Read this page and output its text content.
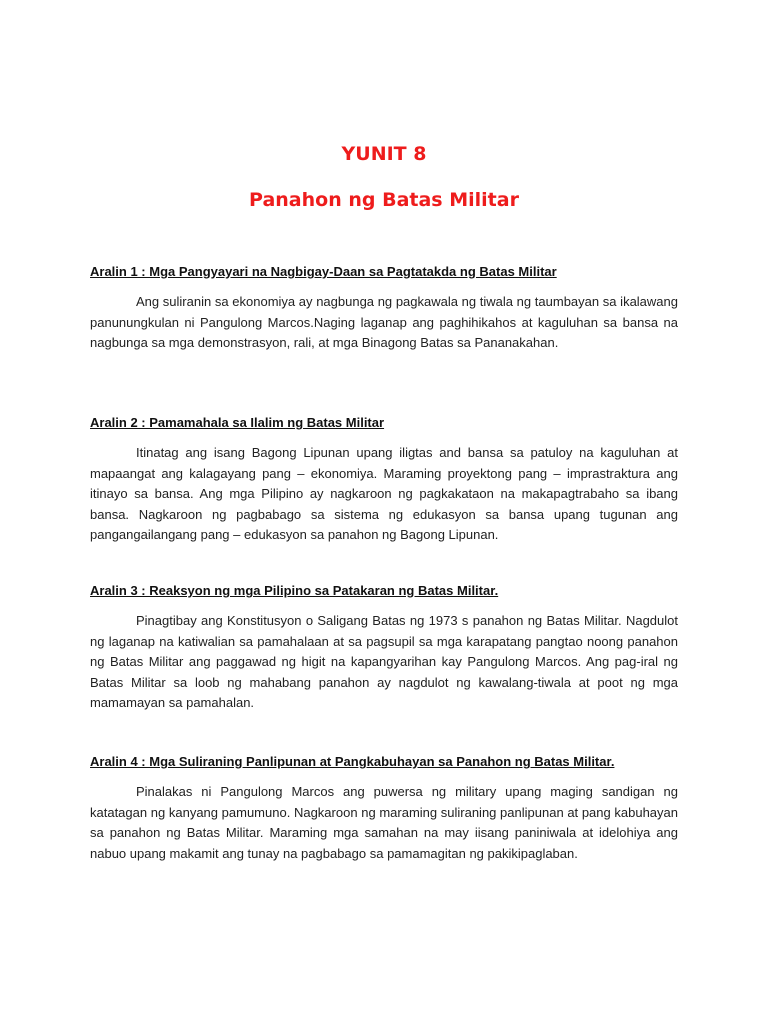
YUNIT 8
Panahon ng Batas Militar

Aralin 1 : Mga Pangyayari na Nagbigay-Daan sa Pagtatakda ng Batas Militar

Ang suliranin sa ekonomiya ay nagbunga ng pagkawala ng tiwala ng taumbayan sa ikalawang panunungkulan ni Pangulong Marcos.Naging laganap ang paghihikahos at kaguluhan sa bansa na nagbunga sa mga demonstrasyon, rali, at mga Binagong Batas sa Pananakahan.

Aralin 2 : Pamamahala sa Ilalim ng Batas Militar

Itinatag ang isang Bagong Lipunan upang iligtas and bansa sa patuloy na kaguluhan at mapaangat ang kalagayang pang – ekonomiya. Maraming proyektong pang – imprastraktura ang itinayo sa bansa. Ang mga Pilipino ay nagkaroon ng pagkakataon na makapagtrabaho sa ibang bansa. Nagkaroon ng pagbabago sa sistema ng edukasyon sa bansa upang tugunan ang pangangailangang pang – edukasyon sa panahon ng Bagong Lipunan.

Aralin 3 : Reaksyon ng mga Pilipino sa Patakaran ng Batas Militar.

Pinagtibay ang Konstitusyon o Saligang Batas ng 1973 s panahon ng Batas Militar. Nagdulot ng laganap na katiwalian sa pamahalaan at sa pagsupil sa mga karapatang pangtao noong panahon ng Batas Militar ang paggawad ng higit na kapangyarihan kay Pangulong Marcos. Ang pag-iral ng Batas Militar sa loob ng mahabang panahon ay nagdulot ng kawalang-tiwala at poot ng mga mamamayan sa pamahalan.

Aralin 4 : Mga Suliraning Panlipunan at Pangkabuhayan sa Panahon ng Batas Militar.

Pinalakas ni Pangulong Marcos ang puwersa ng military upang maging sandigan ng katatagan ng kanyang pamumuno. Nagkaroon ng maraming suliraning panlipunan at pang kabuhayan sa panahon ng Batas Militar. Maraming mga samahan na may iisang paniniwala at idelohiya ang nabuo upang makamit ang tunay na pagbabago sa pamamagitan ng pakikipaglaban.
